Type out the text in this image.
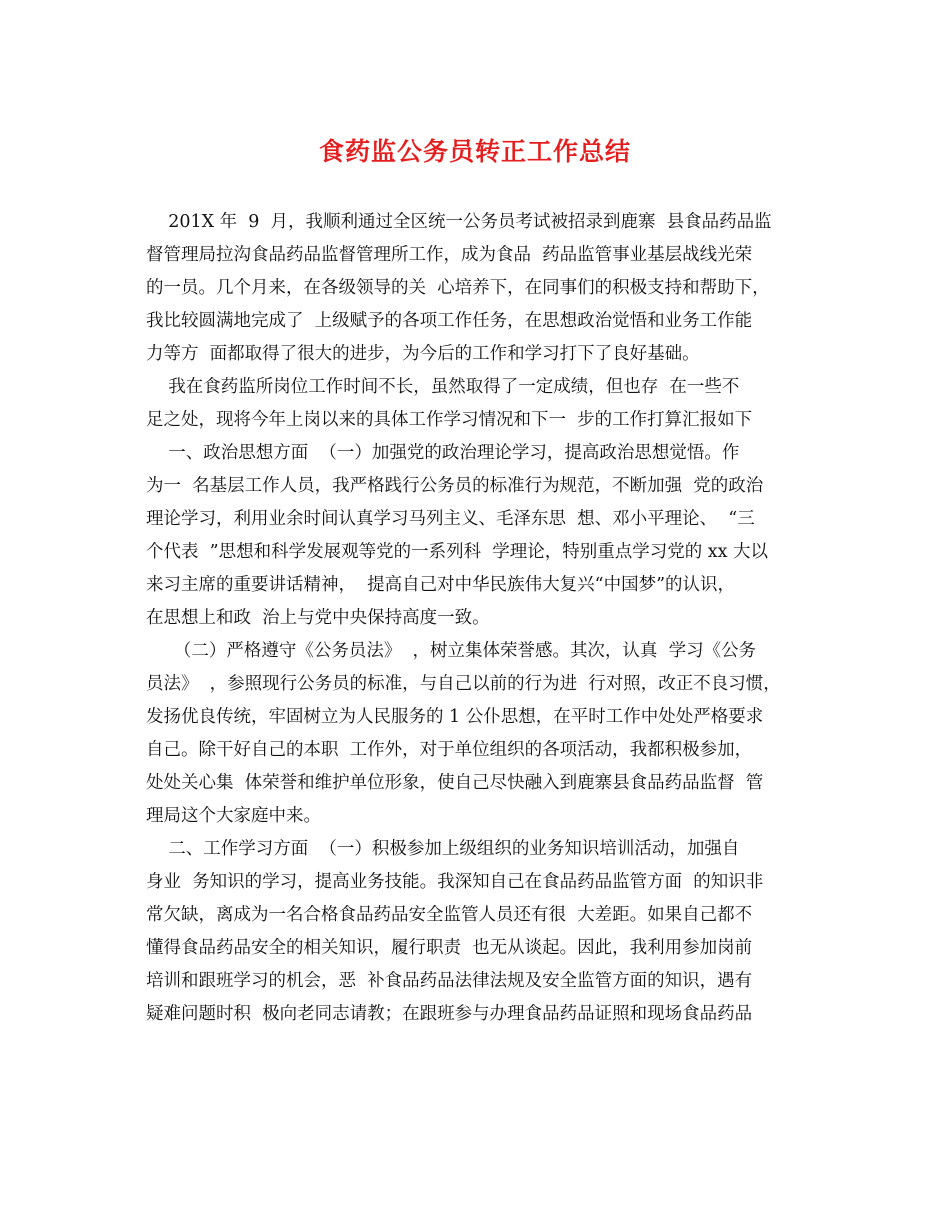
食药监公务员转正工作总结
201X 年  9  月，我顺利通过全区统一公务员考试被招录到鹿寨  县食品药品监
督管理局拉沟食品药品监督管理所工作，成为食品  药品监管事业基层战线光荣
的一员。几个月来，在各级领导的关  心培养下，在同事们的积极支持和帮助下，
我比较圆满地完成了  上级赋予的各项工作任务，在思想政治觉悟和业务工作能
力等方  面都取得了很大的进步，为今后的工作和学习打下了良好基础。
我在食药监所岗位工作时间不长，虽然取得了一定成绩，但也存  在一些不
足之处，现将今年上岗以来的具体工作学习情况和下一  步的工作打算汇报如下
一、政治思想方面  （一）加强党的政治理论学习，提高政治思想觉悟。作
为一  名基层工作人员，我严格践行公务员的标准行为规范，不断加强  党的政治
理论学习，利用业余时间认真学习马列主义、毛泽东思  想、邓小平理论、  “三
个代表  ”思想和科学发展观等党的一系列科  学理论，特别重点学习党的 xx 大以
来习主席的重要讲话精神，  提高自己对中华民族伟大复兴“中国梦”的认识，
在思想上和政  治上与党中央保持高度一致。
（二）严格遵守《公务员法》  ，树立集体荣誉感。其次，认真  学习《公务
员法》  ，参照现行公务员的标准，与自己以前的行为进  行对照，改正不良习惯，
发扬优良传统，牢固树立为人民服务的 1 公仆思想，在平时工作中处处严格要求
自己。除干好自己的本职  工作外，对于单位组织的各项活动，我都积极参加，
处处关心集  体荣誉和维护单位形象，使自己尽快融入到鹿寨县食品药品监督  管
理局这个大家庭中来。
二、工作学习方面  （一）积极参加上级组织的业务知识培训活动，加强自
身业  务知识的学习，提高业务技能。我深知自己在食品药品监管方面  的知识非
常欠缺，离成为一名合格食品药品安全监管人员还有很  大差距。如果自己都不
懂得食品药品安全的相关知识，履行职责  也无从谈起。因此，我利用参加岗前
培训和跟班学习的机会，恶  补食品药品法律法规及安全监管方面的知识，遇有
疑难问题时积  极向老同志请教；在跟班参与办理食品药品证照和现场食品药品
